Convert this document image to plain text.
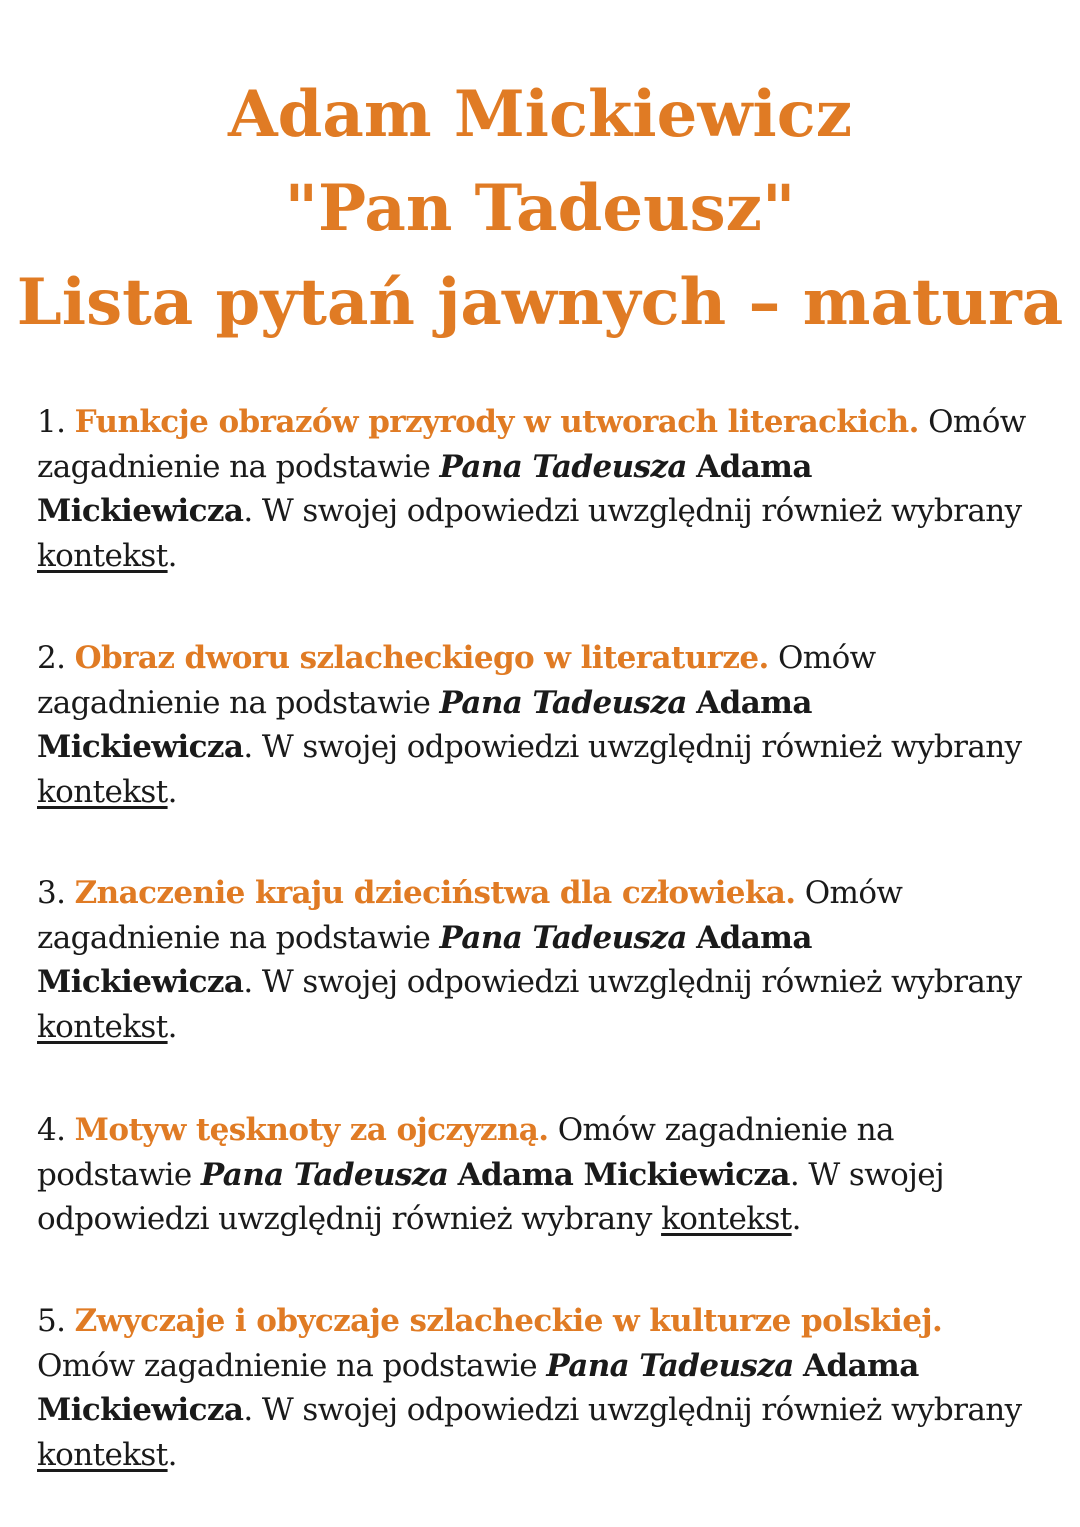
Adam Mickiewicz
"Pan Tadeusz"
Lista pytań jawnych – matura
1. Funkcje obrazów przyrody w utworach literackich. Omów zagadnienie na podstawie Pana Tadeusza Adama Mickiewicza. W swojej odpowiedzi uwzględnij również wybrany kontekst.
2. Obraz dworu szlacheckiego w literaturze. Omów zagadnienie na podstawie Pana Tadeusza Adama Mickiewicza. W swojej odpowiedzi uwzględnij również wybrany kontekst.
3. Znaczenie kraju dzieciństwa dla człowieka. Omów zagadnienie na podstawie Pana Tadeusza Adama Mickiewicza. W swojej odpowiedzi uwzględnij również wybrany kontekst.
4. Motyw tęsknoty za ojczyzną. Omów zagadnienie na podstawie Pana Tadeusza Adama Mickiewicza. W swojej odpowiedzi uwzględnij również wybrany kontekst.
5. Zwyczaje i obyczaje szlacheckie w kulturze polskiej. Omów zagadnienie na podstawie Pana Tadeusza Adama Mickiewicza. W swojej odpowiedzi uwzględnij również wybrany kontekst.
